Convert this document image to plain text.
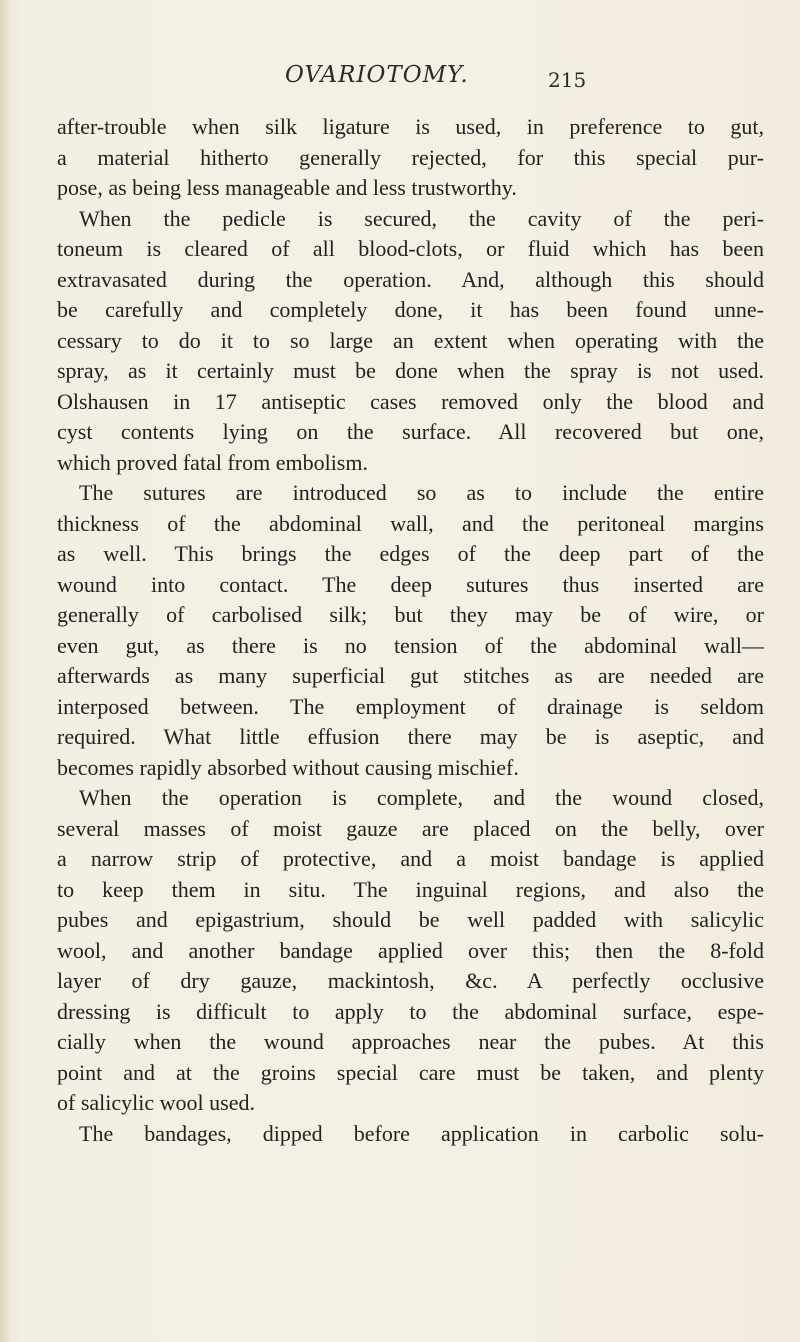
OVARIOTOMY.	215
after-trouble when silk ligature is used, in preference to gut,
a material hitherto generally rejected, for this special pur-
pose, as being less manageable and less trustworthy.
When the pedicle is secured, the cavity of the peri-
toneum is cleared of all blood-clots, or fluid which has been
extravasated during the operation. And, although this should
be carefully and completely done, it has been found unne-
cessary to do it to so large an extent when operating with the
spray, as it certainly must be done when the spray is not used.
Olshausen in 17 antiseptic cases removed only the blood and
cyst contents lying on the surface. All recovered but one,
which proved fatal from embolism.
The sutures are introduced so as to include the entire
thickness of the abdominal wall, and the peritoneal margins
as well. This brings the edges of the deep part of the
wound into contact. The deep sutures thus inserted are
generally of carbolised silk; but they may be of wire, or
even gut, as there is no tension of the abdominal wall—
afterwards as many superficial gut stitches as are needed are
interposed between. The employment of drainage is seldom
required. What little effusion there may be is aseptic, and
becomes rapidly absorbed without causing mischief.
When the operation is complete, and the wound closed,
several masses of moist gauze are placed on the belly, over
a narrow strip of protective, and a moist bandage is applied
to keep them in situ. The inguinal regions, and also the
pubes and epigastrium, should be well padded with salicylic
wool, and another bandage applied over this; then the 8-fold
layer of dry gauze, mackintosh, &c. A perfectly occlusive
dressing is difficult to apply to the abdominal surface, espe-
cially when the wound approaches near the pubes. At this
point and at the groins special care must be taken, and plenty
of salicylic wool used.
The bandages, dipped before application in carbolic solu-
